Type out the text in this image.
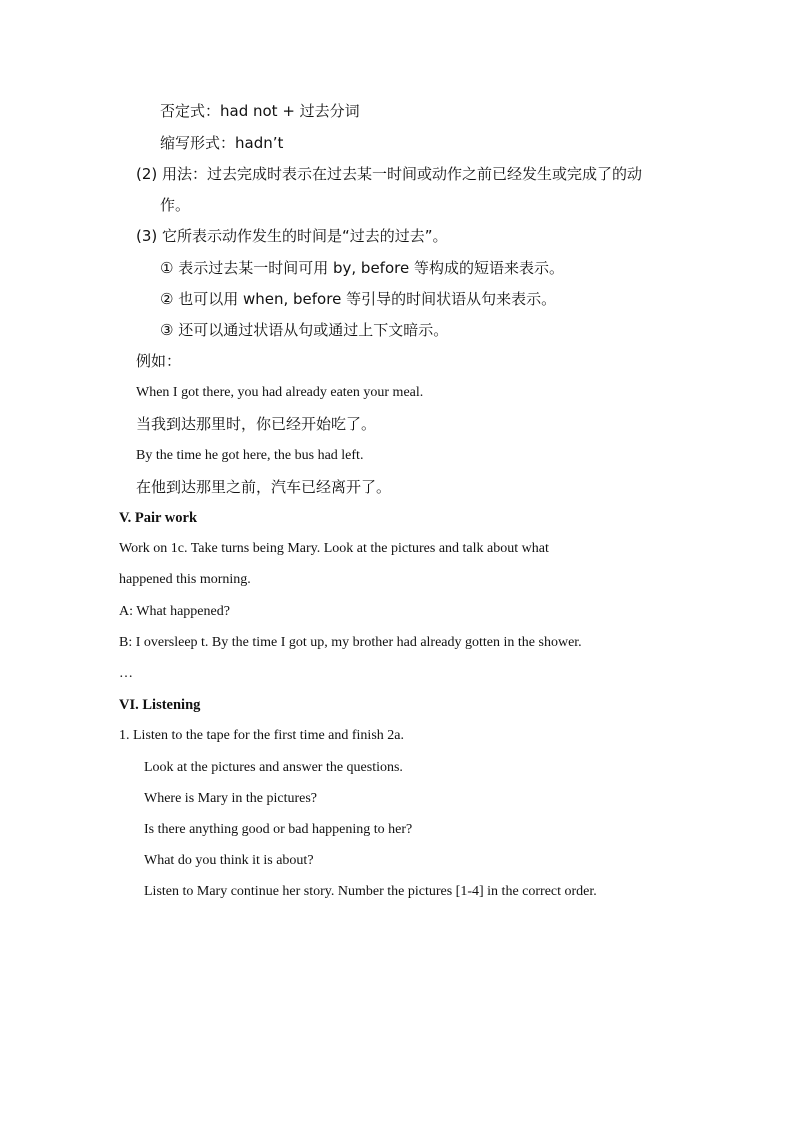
否定式：had not + 过去分词
缩写形式：hadn’t
(2) 用法：过去完成时表示在过去某一时间或动作之前已经发生或完成了的动
作。
(3) 它所表示动作发生的时间是“过去的过去”。
① 表示过去某一时间可用 by, before 等构成的短语来表示。
② 也可以用 when, before 等引导的时间状语从句来表示。
③ 还可以通过状语从句或通过上下文暗示。
例如：
When I got there, you had already eaten your meal.
当我到达那里时，你已经开始吃了。
By the time he got here, the bus had left.
在他到达那里之前，汽车已经离开了。
V. Pair work
Work on 1c. Take turns being Mary. Look at the pictures and talk about what
happened this morning.
A: What happened?
B: I oversleep t. By the time I got up, my brother had already gotten in the shower.
…
VI. Listening
1. Listen to the tape for the first time and finish 2a.
Look at the pictures and answer the questions.
Where is Mary in the pictures?
Is there anything good or bad happening to her?
What do you think it is about?
Listen to Mary continue her story. Number the pictures [1-4] in the correct order.
